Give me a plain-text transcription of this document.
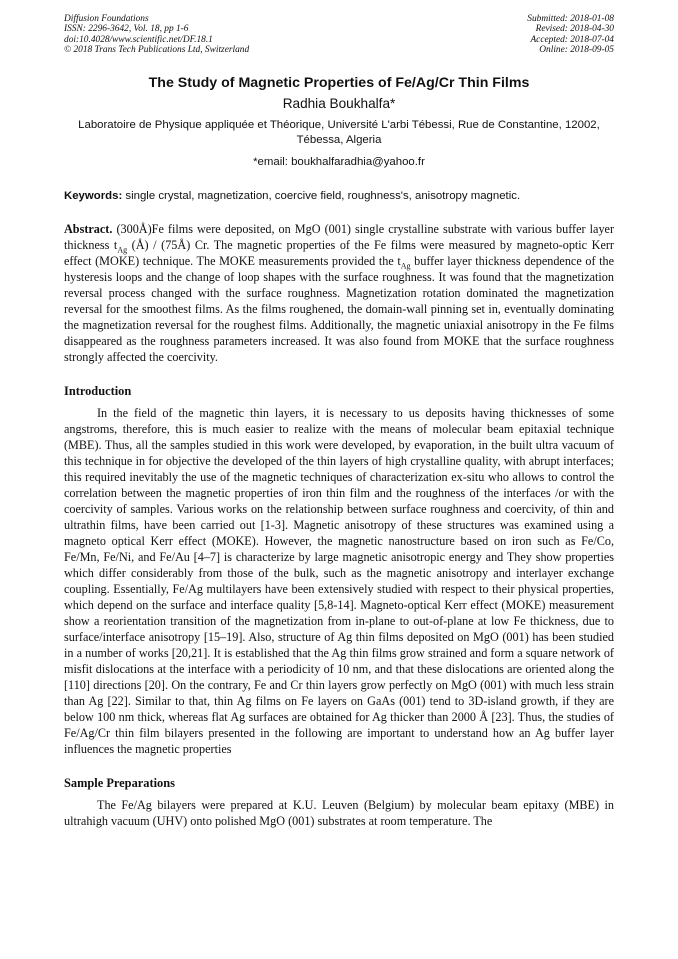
Diffusion Foundations
ISSN: 2296-3642, Vol. 18, pp 1-6
doi:10.4028/www.scientific.net/DF.18.1
© 2018 Trans Tech Publications Ltd, Switzerland
Submitted: 2018-01-08
Revised: 2018-04-30
Accepted: 2018-07-04
Online: 2018-09-05
The Study of Magnetic Properties of Fe/Ag/Cr Thin Films
Radhia Boukhalfa*
Laboratoire de Physique appliquée et Théorique, Université L'arbi Tébessi, Rue de Constantine, 12002, Tébessa, Algeria
*email: boukhalfaradhia@yahoo.fr
Keywords: single crystal, magnetization, coercive field, roughness's, anisotropy magnetic.
Abstract. (300Å)Fe films were deposited, on MgO (001) single crystalline substrate with various buffer layer thickness $t_{Ag}$ (Å) / (75Å) Cr. The magnetic properties of the Fe films were measured by magneto-optic Kerr effect (MOKE) technique. The MOKE measurements provided the $t_{Ag}$ buffer layer thickness dependence of the hysteresis loops and the change of loop shapes with the surface roughness. It was found that the magnetization reversal process changed with the surface roughness. Magnetization rotation dominated the magnetization reversal for the smoothest films. As the films roughened, the domain-wall pinning set in, eventually dominating the magnetization reversal for the roughest films. Additionally, the magnetic uniaxial anisotropy in the Fe films disappeared as the roughness parameters increased. It was also found from MOKE that the surface roughness strongly affected the coercivity.
Introduction
In the field of the magnetic thin layers, it is necessary to us deposits having thicknesses of some angstroms, therefore, this is much easier to realize with the means of molecular beam epitaxial technique (MBE). Thus, all the samples studied in this work were developed, by evaporation, in the built ultra vacuum of this technique in for objective the developed of the thin layers of high crystalline quality, with abrupt interfaces; this required inevitably the use of the magnetic techniques of characterization ex-situ who allows to control the correlation between the magnetic properties of iron thin film and the roughness of the interfaces /or with the coercivity of samples. Various works on the relationship between surface roughness and coercivity, of thin and ultrathin films, have been carried out [1-3]. Magnetic anisotropy of these structures was examined using a magneto optical Kerr effect (MOKE). However, the magnetic nanostructure based on iron such as Fe/Co, Fe/Mn, Fe/Ni, and Fe/Au [4–7] is characterize by large magnetic anisotropic energy and They show properties which differ considerably from those of the bulk, such as the magnetic anisotropy and interlayer exchange coupling. Essentially, Fe/Ag multilayers have been extensively studied with respect to their physical properties, which depend on the surface and interface quality [5,8-14]. Magneto-optical Kerr effect (MOKE) measurement show a reorientation transition of the magnetization from in-plane to out-of-plane at low Fe thickness, due to surface/interface anisotropy [15–19]. Also, structure of Ag thin films deposited on MgO (001) has been studied in a number of works [20,21]. It is established that the Ag thin films grow strained and form a square network of misfit dislocations at the interface with a periodicity of 10 nm, and that these dislocations are oriented along the [110] directions [20]. On the contrary, Fe and Cr thin layers grow perfectly on MgO (001) with much less strain than Ag [22]. Similar to that, thin Ag films on Fe layers on GaAs (001) tend to 3D-island growth, if they are below 100 nm thick, whereas flat Ag surfaces are obtained for Ag thicker than 2000 Å [23]. Thus, the studies of Fe/Ag/Cr thin film bilayers presented in the following are important to understand how an Ag buffer layer influences the magnetic properties
Sample Preparations
The Fe/Ag bilayers were prepared at K.U. Leuven (Belgium) by molecular beam epitaxy (MBE) in ultrahigh vacuum (UHV) onto polished MgO (001) substrates at room temperature. The
